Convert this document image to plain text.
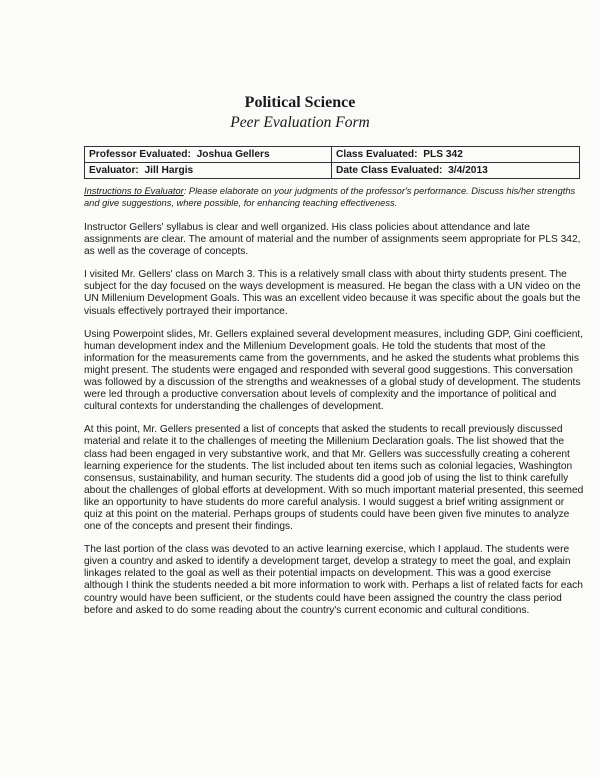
Political Science
Peer Evaluation Form
Professor Evaluated: Joshua Gellers	Class Evaluated: PLS 342
Evaluator: Jill Hargis	Date Class Evaluated: 3/4/2013
Instructions to Evaluator: Please elaborate on your judgments of the professor's performance. Discuss his/her strengths and give suggestions, where possible, for enhancing teaching effectiveness.

Instructor Gellers' syllabus is clear and well organized. His class policies about attendance and late assignments are clear. The amount of material and the number of assignments seem appropriate for PLS 342, as well as the coverage of concepts.

I visited Mr. Gellers' class on March 3. This is a relatively small class with about thirty students present. The subject for the day focused on the ways development is measured. He began the class with a UN video on the UN Millenium Development Goals. This was an excellent video because it was specific about the goals but the visuals effectively portrayed their importance.

Using Powerpoint slides, Mr. Gellers explained several development measures, including GDP, Gini coefficient, human development index and the Millenium Development goals. He told the students that most of the information for the measurements came from the governments, and he asked the students what problems this might present. The students were engaged and responded with several good suggestions. This conversation was followed by a discussion of the strengths and weaknesses of a global study of development. The students were led through a productive conversation about levels of complexity and the importance of political and cultural contexts for understanding the challenges of development.

At this point, Mr. Gellers presented a list of concepts that asked the students to recall previously discussed material and relate it to the challenges of meeting the Millenium Declaration goals. The list showed that the class had been engaged in very substantive work, and that Mr. Gellers was successfully creating a coherent learning experience for the students. The list included about ten items such as colonial legacies, Washington consensus, sustainability, and human security. The students did a good job of using the list to think carefully about the challenges of global efforts at development. With so much important material presented, this seemed like an opportunity to have students do more careful analysis. I would suggest a brief writing assignment or quiz at this point on the material. Perhaps groups of students could have been given five minutes to analyze one of the concepts and present their findings.

The last portion of the class was devoted to an active learning exercise, which I applaud. The students were given a country and asked to identify a development target, develop a strategy to meet the goal, and explain linkages related to the goal as well as their potential impacts on development. This was a good exercise although I think the students needed a bit more information to work with. Perhaps a list of related facts for each country would have been sufficient, or the students could have been assigned the country the class period before and asked to do some reading about the country's current economic and cultural conditions.
